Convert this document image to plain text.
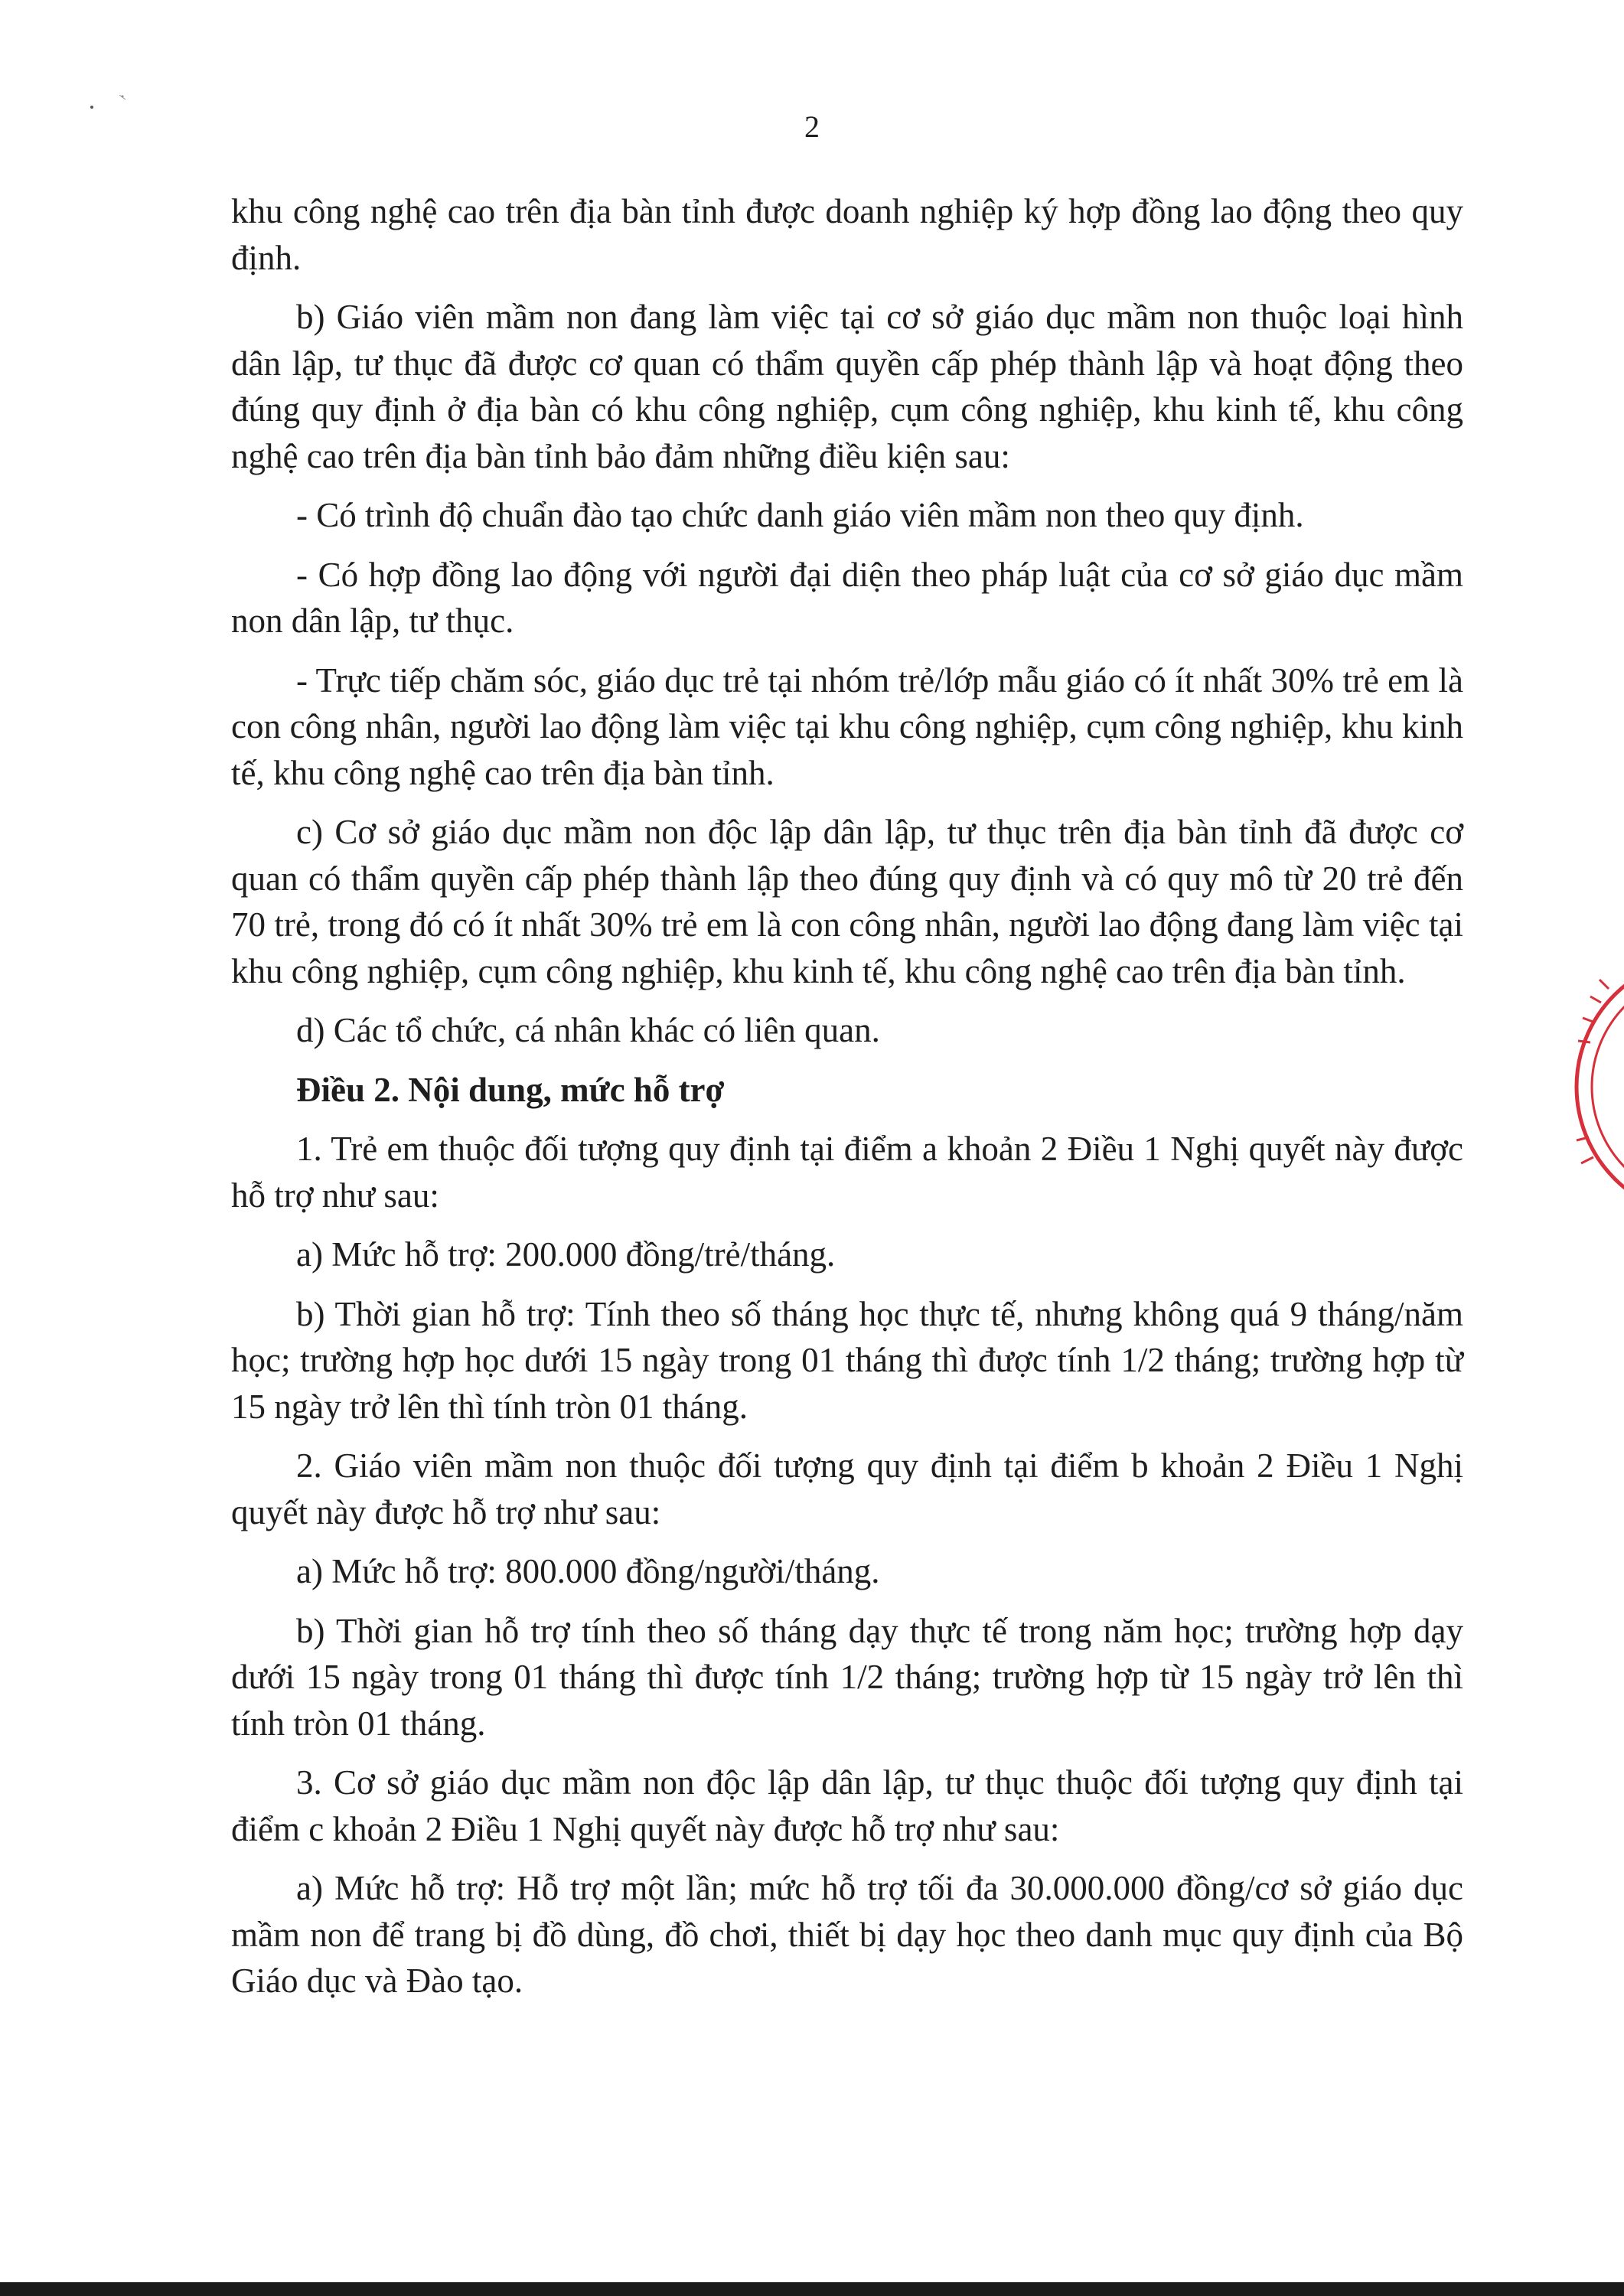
2

khu công nghệ cao trên địa bàn tỉnh được doanh nghiệp ký hợp đồng lao động theo quy định.

b) Giáo viên mầm non đang làm việc tại cơ sở giáo dục mầm non thuộc loại hình dân lập, tư thục đã được cơ quan có thẩm quyền cấp phép thành lập và hoạt động theo đúng quy định ở địa bàn có khu công nghiệp, cụm công nghiệp, khu kinh tế, khu công nghệ cao trên địa bàn tỉnh bảo đảm những điều kiện sau:

- Có trình độ chuẩn đào tạo chức danh giáo viên mầm non theo quy định.

- Có hợp đồng lao động với người đại diện theo pháp luật của cơ sở giáo dục mầm non dân lập, tư thục.

- Trực tiếp chăm sóc, giáo dục trẻ tại nhóm trẻ/lớp mẫu giáo có ít nhất 30% trẻ em là con công nhân, người lao động làm việc tại khu công nghiệp, cụm công nghiệp, khu kinh tế, khu công nghệ cao trên địa bàn tỉnh.

c) Cơ sở giáo dục mầm non độc lập dân lập, tư thục trên địa bàn tỉnh đã được cơ quan có thẩm quyền cấp phép thành lập theo đúng quy định và có quy mô từ 20 trẻ đến 70 trẻ, trong đó có ít nhất 30% trẻ em là con công nhân, người lao động đang làm việc tại khu công nghiệp, cụm công nghiệp, khu kinh tế, khu công nghệ cao trên địa bàn tỉnh.

d) Các tổ chức, cá nhân khác có liên quan.

Điều 2. Nội dung, mức hỗ trợ

1. Trẻ em thuộc đối tượng quy định tại điểm a khoản 2 Điều 1 Nghị quyết này được hỗ trợ như sau:

a) Mức hỗ trợ: 200.000 đồng/trẻ/tháng.

b) Thời gian hỗ trợ: Tính theo số tháng học thực tế, nhưng không quá 9 tháng/năm học; trường hợp học dưới 15 ngày trong 01 tháng thì được tính 1/2 tháng; trường hợp từ 15 ngày trở lên thì tính tròn 01 tháng.

2. Giáo viên mầm non thuộc đối tượng quy định tại điểm b khoản 2 Điều 1 Nghị quyết này được hỗ trợ như sau:

a) Mức hỗ trợ: 800.000 đồng/người/tháng.

b) Thời gian hỗ trợ tính theo số tháng dạy thực tế trong năm học; trường hợp dạy dưới 15 ngày trong 01 tháng thì được tính 1/2 tháng; trường hợp từ 15 ngày trở lên thì tính tròn 01 tháng.

3. Cơ sở giáo dục mầm non độc lập dân lập, tư thục thuộc đối tượng quy định tại điểm c khoản 2 Điều 1 Nghị quyết này được hỗ trợ như sau:

a) Mức hỗ trợ: Hỗ trợ một lần; mức hỗ trợ tối đa 30.000.000 đồng/cơ sở giáo dục mầm non để trang bị đồ dùng, đồ chơi, thiết bị dạy học theo danh mục quy định của Bộ Giáo dục và Đào tạo.
